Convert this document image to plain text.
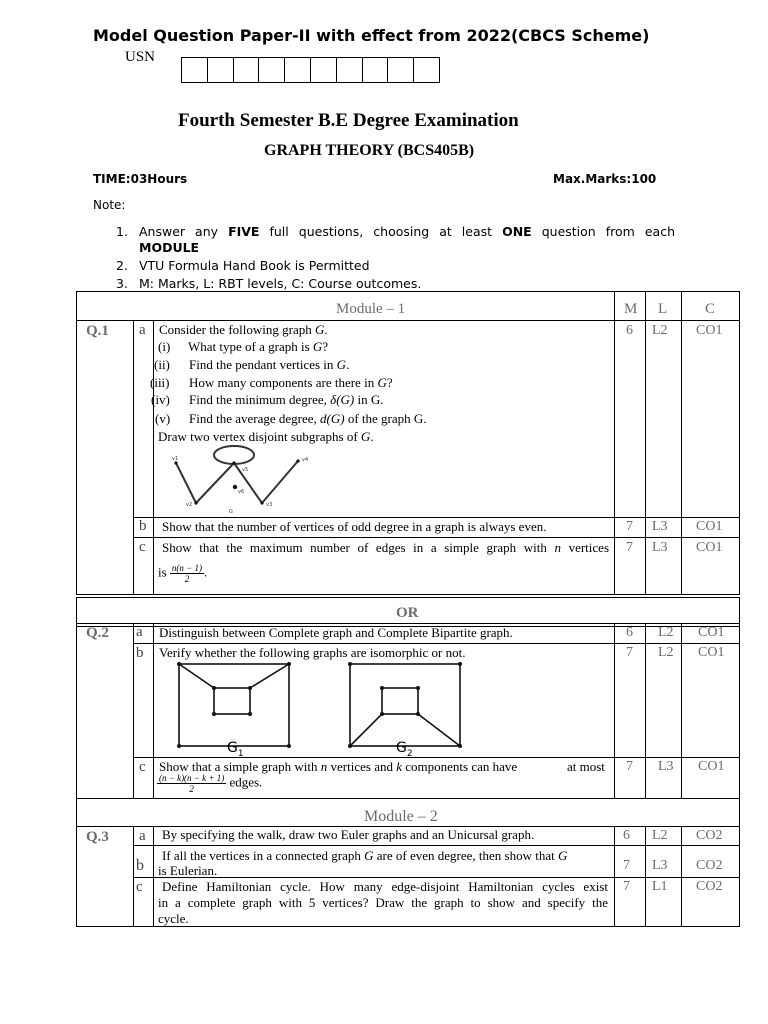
Model Question Paper-II with effect from 2022(CBCS Scheme)
USN
Fourth Semester B.E Degree Examination
GRAPH THEORY (BCS405B)
TIME:03Hours	Max.Marks:100
Note:
1. Answer any FIVE full questions, choosing at least ONE question from each
MODULE
2. VTU Formula Hand Book is Permitted
3. M: Marks, L: RBT levels, C: Course outcomes.
Module – 1	M L	C
Q.1 a Consider the following graph G.
(i) What type of a graph is G?
(ii) Find the pendant vertices in G.
(iii) How many components are there in G?
(iv) Find the minimum degree, δ(G) in G.
(v) Find the average degree, d(G) of the graph G.
Draw two vertex disjoint subgraphs of G.
v1
v5
v4
v6
v2	v3
G
6 L2 CO1
b Show that the number of vertices of odd degree in a graph is always even.	7 L3 CO1
c Show that the maximum number of edges in a simple graph with n vertices
is $\frac{n(n - 1)}{2}$ .
7 L3 CO1
OR
Q.2 a Distinguish between Complete graph and Complete Bipartite graph.	6 L2 CO1
b Verify whether the following graphs are isomorphic or not.	7 L2 CO1
$G_1$	$G_2$
c Show that a simple graph with n vertices and k components can have	at most
$\frac{(n - k)(n - k + 1)}{2}$ edges.
7 L3 CO1
Module – 2
Q.3 a By specifying the walk, draw two Euler graphs and an Unicursal graph.	6 L2 CO2
b
If all the vertices in a connected graph G are of even degree, then show that G
is Eulerian.	7 L3 CO2
c Define Hamiltonian cycle. How many edge-disjoint Hamiltonian cycles exist
in a complete graph with 5 vertices? Draw the graph to show and specify the
cycle.
7 L1 CO2
